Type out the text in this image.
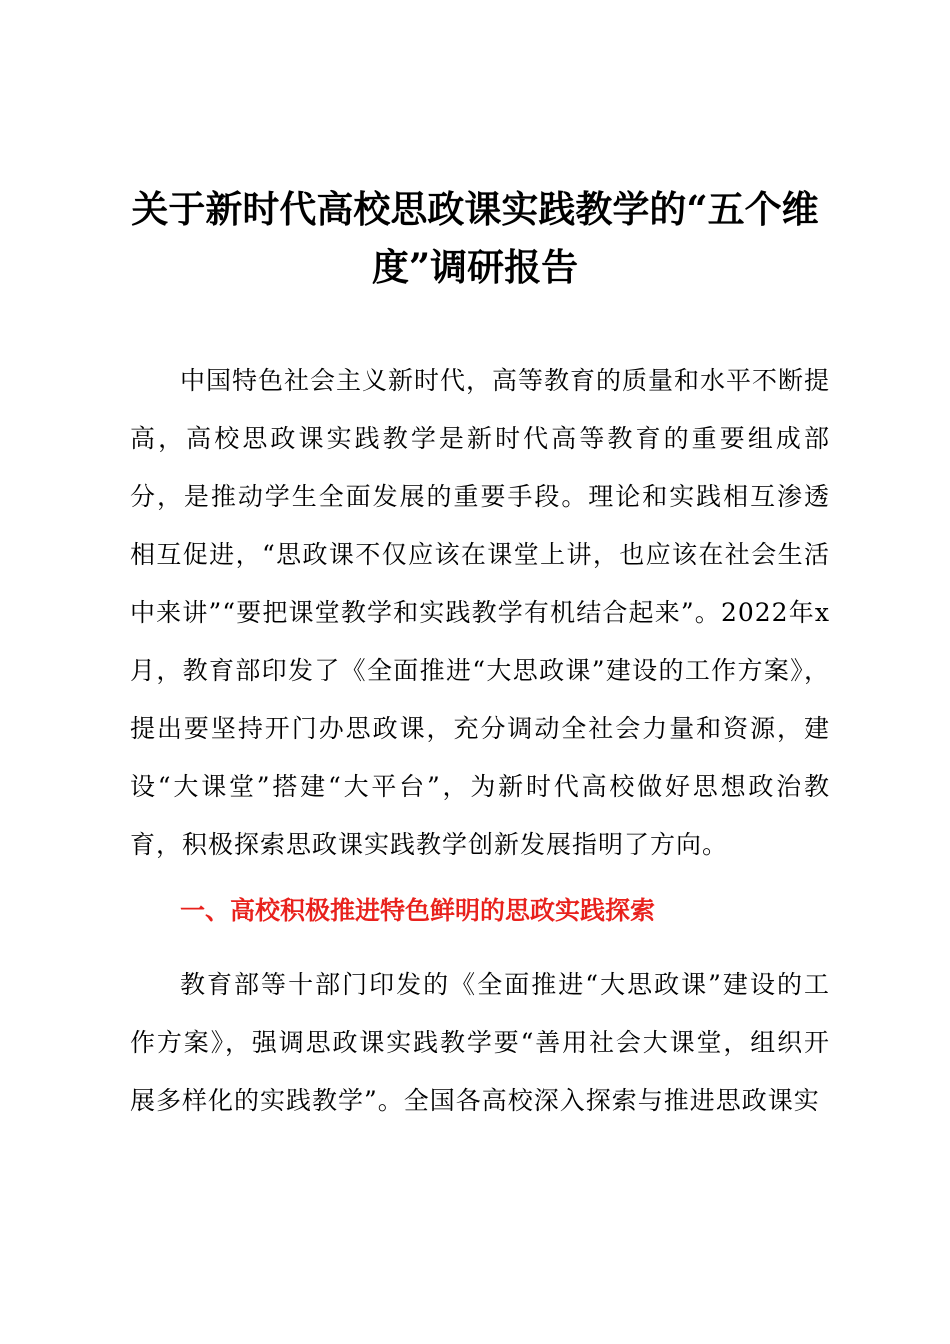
关于新时代高校思政课实践教学的“五个维度”调研报告

中国特色社会主义新时代，高等教育的质量和水平不断提高，高校思政课实践教学是新时代高等教育的重要组成部分，是推动学生全面发展的重要手段。理论和实践相互渗透相互促进，“思政课不仅应该在课堂上讲，也应该在社会生活中来讲”“要把课堂教学和实践教学有机结合起来”。2022年x月，教育部印发了《全面推进“大思政课”建设的工作方案》，提出要坚持开门办思政课，充分调动全社会力量和资源，建设“大课堂”搭建“大平台”，为新时代高校做好思想政治教育，积极探索思政课实践教学创新发展指明了方向。

一、高校积极推进特色鲜明的思政实践探索

教育部等十部门印发的《全面推进“大思政课”建设的工作方案》，强调思政课实践教学要“善用社会大课堂，组织开展多样化的实践教学”。全国各高校深入探索与推进思政课实
